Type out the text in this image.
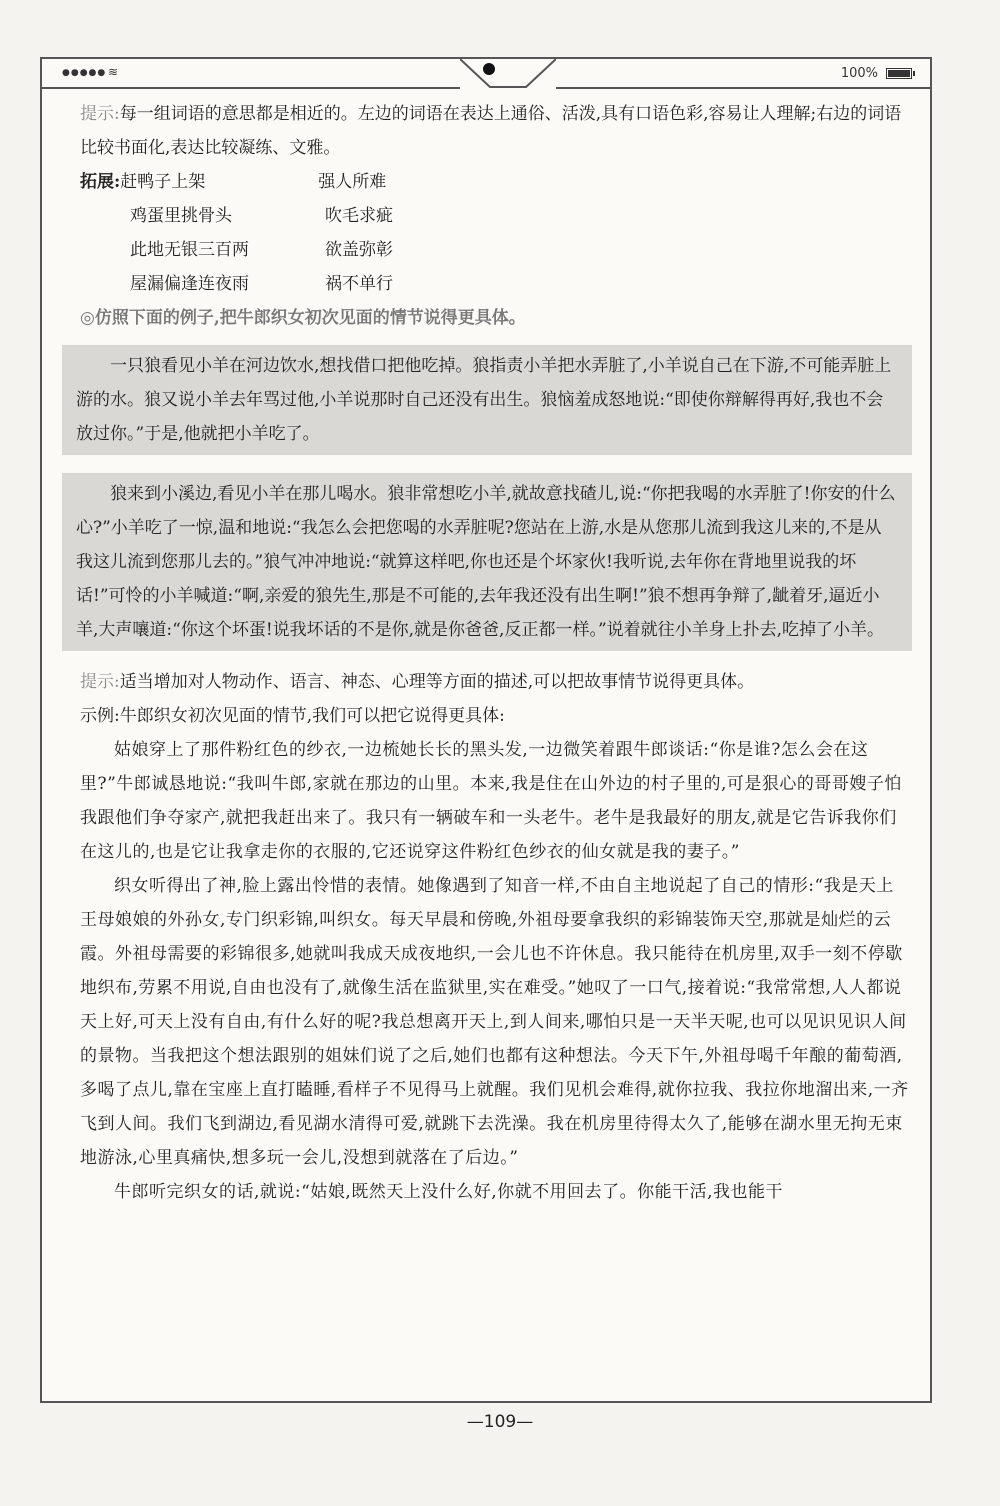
●●●●● ≋	100%

提示:每一组词语的意思都是相近的。左边的词语在表达上通俗、活泼,具有口语色彩,容易让人理解;右边的词语比较书面化,表达比较凝练、文雅。

拓展: 赶鸭子上架	强人所难
鸡蛋里挑骨头	吹毛求疵
此地无银三百两	欲盖弥彰
屋漏偏逢连夜雨	祸不单行

◎仿照下面的例子,把牛郎织女初次见面的情节说得更具体。

一只狼看见小羊在河边饮水,想找借口把他吃掉。狼指责小羊把水弄脏了,小羊说自己在下游,不可能弄脏上游的水。狼又说小羊去年骂过他,小羊说那时自己还没有出生。狼恼羞成怒地说:“即使你辩解得再好,我也不会放过你。”于是,他就把小羊吃了。

狼来到小溪边,看见小羊在那儿喝水。狼非常想吃小羊,就故意找碴儿,说:“你把我喝的水弄脏了!你安的什么心?”小羊吃了一惊,温和地说:“我怎么会把您喝的水弄脏呢?您站在上游,水是从您那儿流到我这儿来的,不是从我这儿流到您那儿去的。”狼气冲冲地说:“就算这样吧,你也还是个坏家伙!我听说,去年你在背地里说我的坏话!”可怜的小羊喊道:“啊,亲爱的狼先生,那是不可能的,去年我还没有出生啊!”狼不想再争辩了,龇着牙,逼近小羊,大声嚷道:“你这个坏蛋!说我坏话的不是你,就是你爸爸,反正都一样。”说着就往小羊身上扑去,吃掉了小羊。

提示:适当增加对人物动作、语言、神态、心理等方面的描述,可以把故事情节说得更具体。

示例:牛郎织女初次见面的情节,我们可以把它说得更具体:

姑娘穿上了那件粉红色的纱衣,一边梳她长长的黑头发,一边微笑着跟牛郎谈话:“你是谁?怎么会在这里?”牛郎诚恳地说:“我叫牛郎,家就在那边的山里。本来,我是住在山外边的村子里的,可是狠心的哥哥嫂子怕我跟他们争夺家产,就把我赶出来了。我只有一辆破车和一头老牛。老牛是我最好的朋友,就是它告诉我你们在这儿的,也是它让我拿走你的衣服的,它还说穿这件粉红色纱衣的仙女就是我的妻子。”

织女听得出了神,脸上露出怜惜的表情。她像遇到了知音一样,不由自主地说起了自己的情形:“我是天上王母娘娘的外孙女,专门织彩锦,叫织女。每天早晨和傍晚,外祖母要拿我织的彩锦装饰天空,那就是灿烂的云霞。外祖母需要的彩锦很多,她就叫我成天成夜地织,一会儿也不许休息。我只能待在机房里,双手一刻不停歇地织布,劳累不用说,自由也没有了,就像生活在监狱里,实在难受。”她叹了一口气,接着说:“我常常想,人人都说天上好,可天上没有自由,有什么好的呢?我总想离开天上,到人间来,哪怕只是一天半天呢,也可以见识见识人间的景物。当我把这个想法跟别的姐妹们说了之后,她们也都有这种想法。今天下午,外祖母喝千年酿的葡萄酒,多喝了点儿,靠在宝座上直打瞌睡,看样子不见得马上就醒。我们见机会难得,就你拉我、我拉你地溜出来,一齐飞到人间。我们飞到湖边,看见湖水清得可爱,就跳下去洗澡。我在机房里待得太久了,能够在湖水里无拘无束地游泳,心里真痛快,想多玩一会儿,没想到就落在了后边。”

牛郎听完织女的话,就说:“姑娘,既然天上没什么好,你就不用回去了。你能干活,我也能干

—109—
